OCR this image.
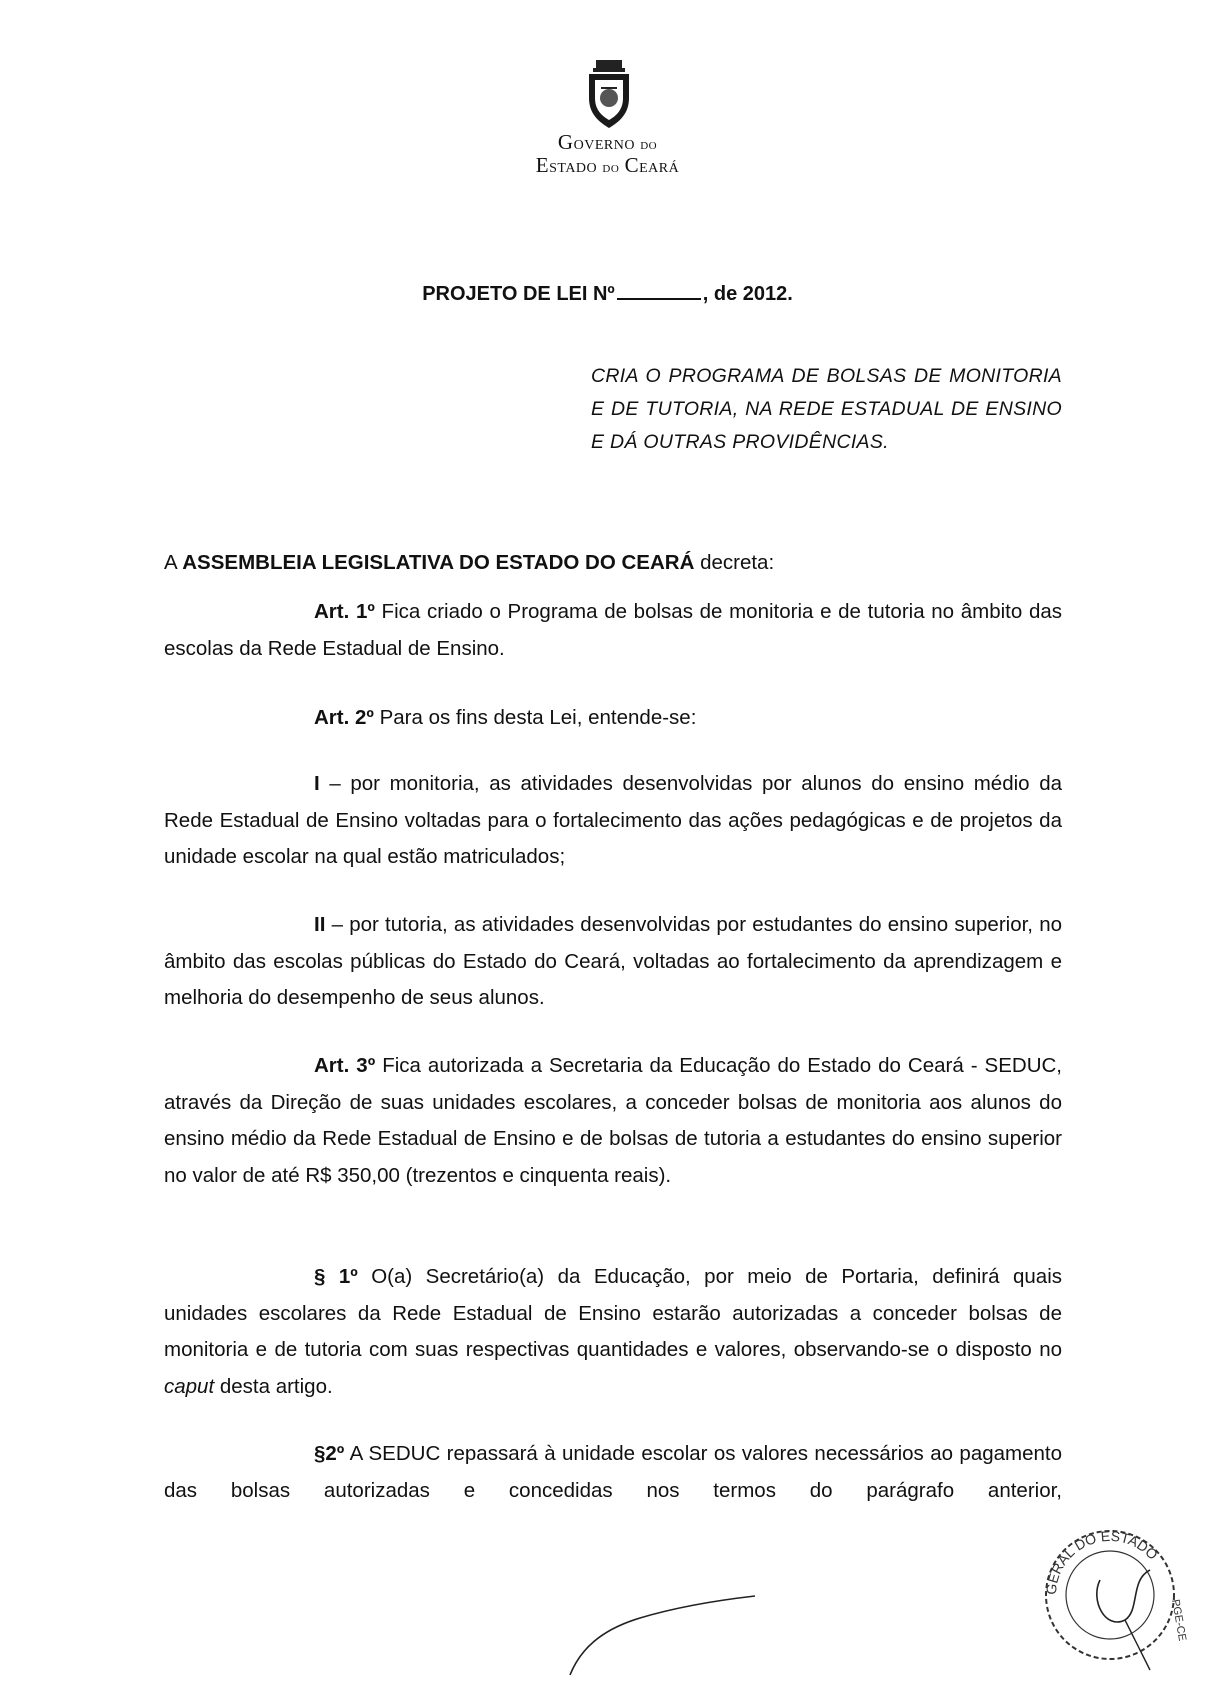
GOVERNO DO
ESTADO DO CEARÁ
PROJETO DE LEI Nº	, de 2012.
CRIA O PROGRAMA DE BOLSAS DE MONITORIA E DE TUTORIA, NA REDE ESTADUAL DE ENSINO E DÁ OUTRAS PROVIDÊNCIAS.
A ASSEMBLEIA LEGISLATIVA DO ESTADO DO CEARÁ decreta:
Art. 1º Fica criado o Programa de bolsas de monitoria e de tutoria no âmbito das escolas da Rede Estadual de Ensino.
Art. 2º Para os fins desta Lei, entende-se:
I – por monitoria, as atividades desenvolvidas por alunos do ensino médio da Rede Estadual de Ensino voltadas para o fortalecimento das ações pedagógicas e de projetos da unidade escolar na qual estão matriculados;
II – por tutoria, as atividades desenvolvidas por estudantes do ensino superior, no âmbito das escolas públicas do Estado do Ceará, voltadas ao fortalecimento da aprendizagem e melhoria do desempenho de seus alunos.
Art. 3º Fica autorizada a Secretaria da Educação do Estado do Ceará - SEDUC, através da Direção de suas unidades escolares, a conceder bolsas de monitoria aos alunos do ensino médio da Rede Estadual de Ensino e de bolsas de tutoria a estudantes do ensino superior no valor de até R$ 350,00 (trezentos e cinquenta reais).
§ 1º O(a) Secretário(a) da Educação, por meio de Portaria, definirá quais unidades escolares da Rede Estadual de Ensino estarão autorizadas a conceder bolsas de monitoria e de tutoria com suas respectivas quantidades e valores, observando-se o disposto no caput desta artigo.
§2º A SEDUC repassará à unidade escolar os valores necessários ao pagamento das bolsas autorizadas e concedidas nos termos do parágrafo anterior,
GERAL DO ESTADO
PGE-CE
